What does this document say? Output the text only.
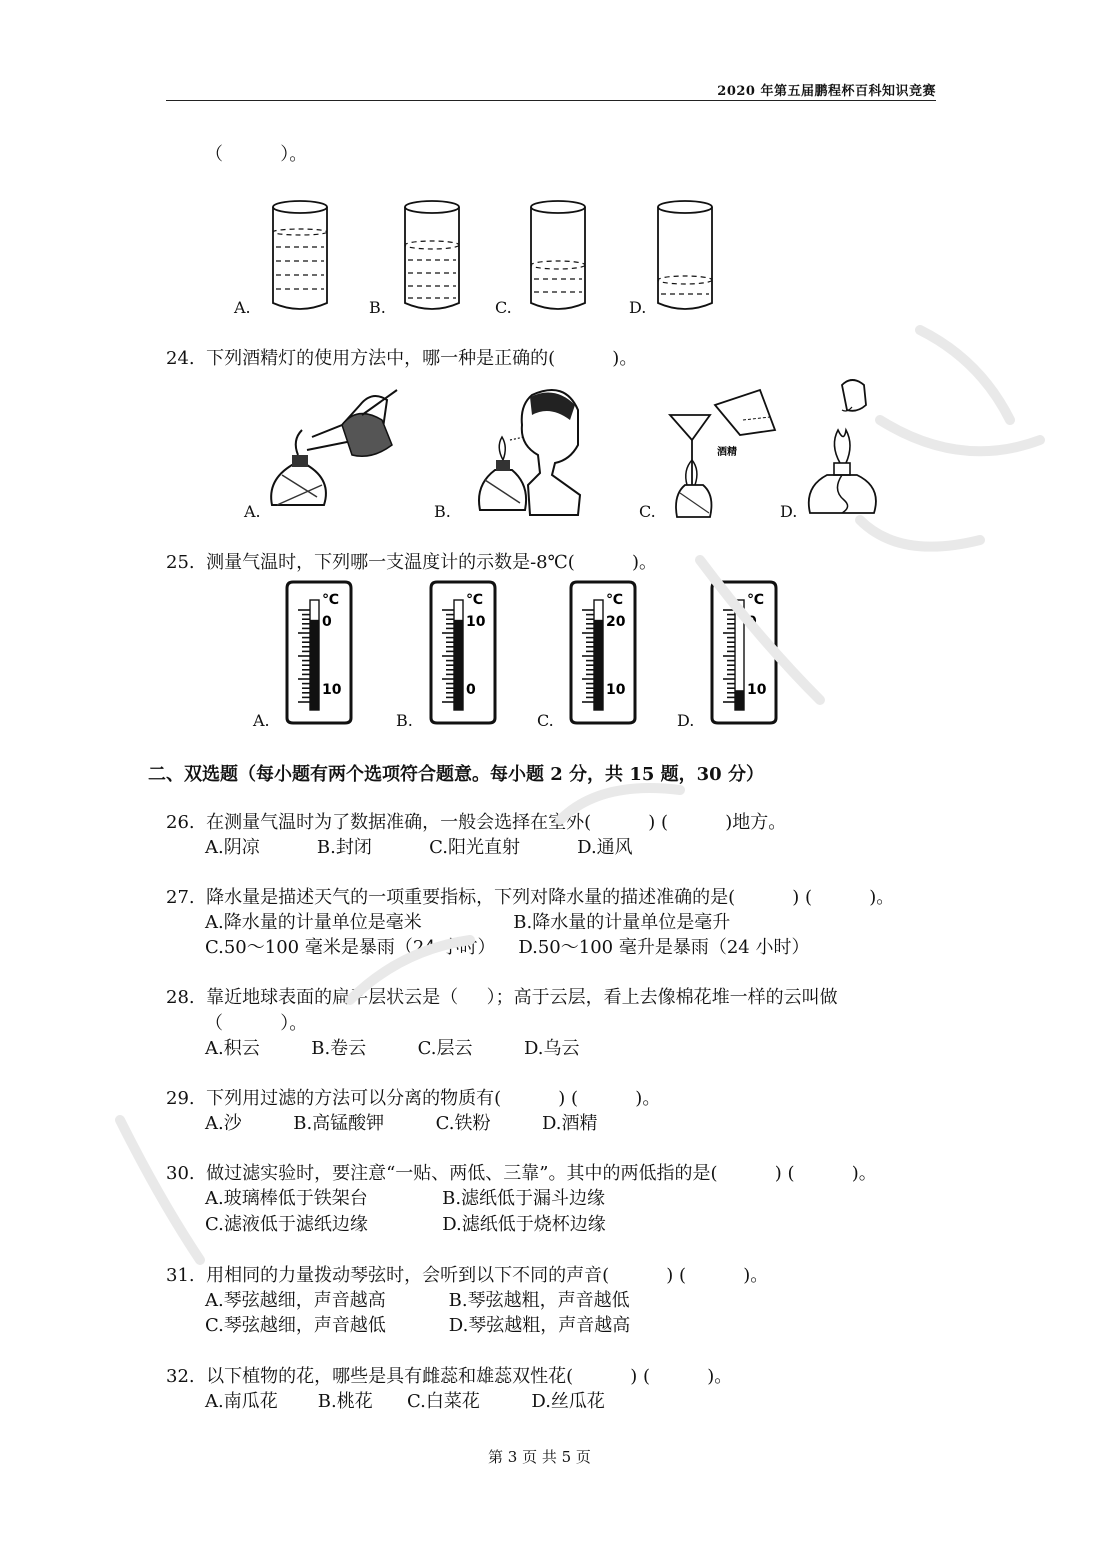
2020 年第五届鹏程杯百科知识竞赛
（          ）。
A.	B.	C.	D.
24.  下列酒精灯的使用方法中，哪一种是正确的(          )。
A.	B.	C.	D.
酒精
25.  测量气温时，下列哪一支温度计的示数是-8℃(          )。
A.	B.	C.	D.
℃
0
10
℃
10
0
℃
20
10
℃
0
10
二、双选题（每小题有两个选项符合题意。每小题 2 分，共 15 题，30 分）
26.  在测量气温时为了数据准确，一般会选择在室外(          ) (          )地方。
A.阴凉          B.封闭          C.阳光直射          D.通风
27.  降水量是描述天气的一项重要指标，下列对降水量的描述准确的是(          ) (          )。
A.降水量的计量单位是毫米                B.降水量的计量单位是毫升
C.50～100 毫米是暴雨（24 小时）    D.50～100 毫升是暴雨（24 小时）
28.  靠近地球表面的扁平层状云是（     ）；高于云层，看上去像棉花堆一样的云叫做
（          ）。
A.积云         B.卷云         C.层云         D.乌云
29.  下列用过滤的方法可以分离的物质有(          ) (          )。
A.沙         B.高锰酸钾         C.铁粉         D.酒精
30.  做过滤实验时，要注意“一贴、两低、三靠”。其中的两低指的是(          ) (          )。
A.玻璃棒低于铁架台             B.滤纸低于漏斗边缘
C.滤液低于滤纸边缘             D.滤纸低于烧杯边缘
31.  用相同的力量拨动琴弦时，会听到以下不同的声音(          ) (          )。
A.琴弦越细，声音越高           B.琴弦越粗，声音越低
C.琴弦越细，声音越低           D.琴弦越粗，声音越高
32.  以下植物的花，哪些是具有雌蕊和雄蕊双性花(          ) (          )。
A.南瓜花       B.桃花      C.白菜花         D.丝瓜花
第 3 页 共 5 页
